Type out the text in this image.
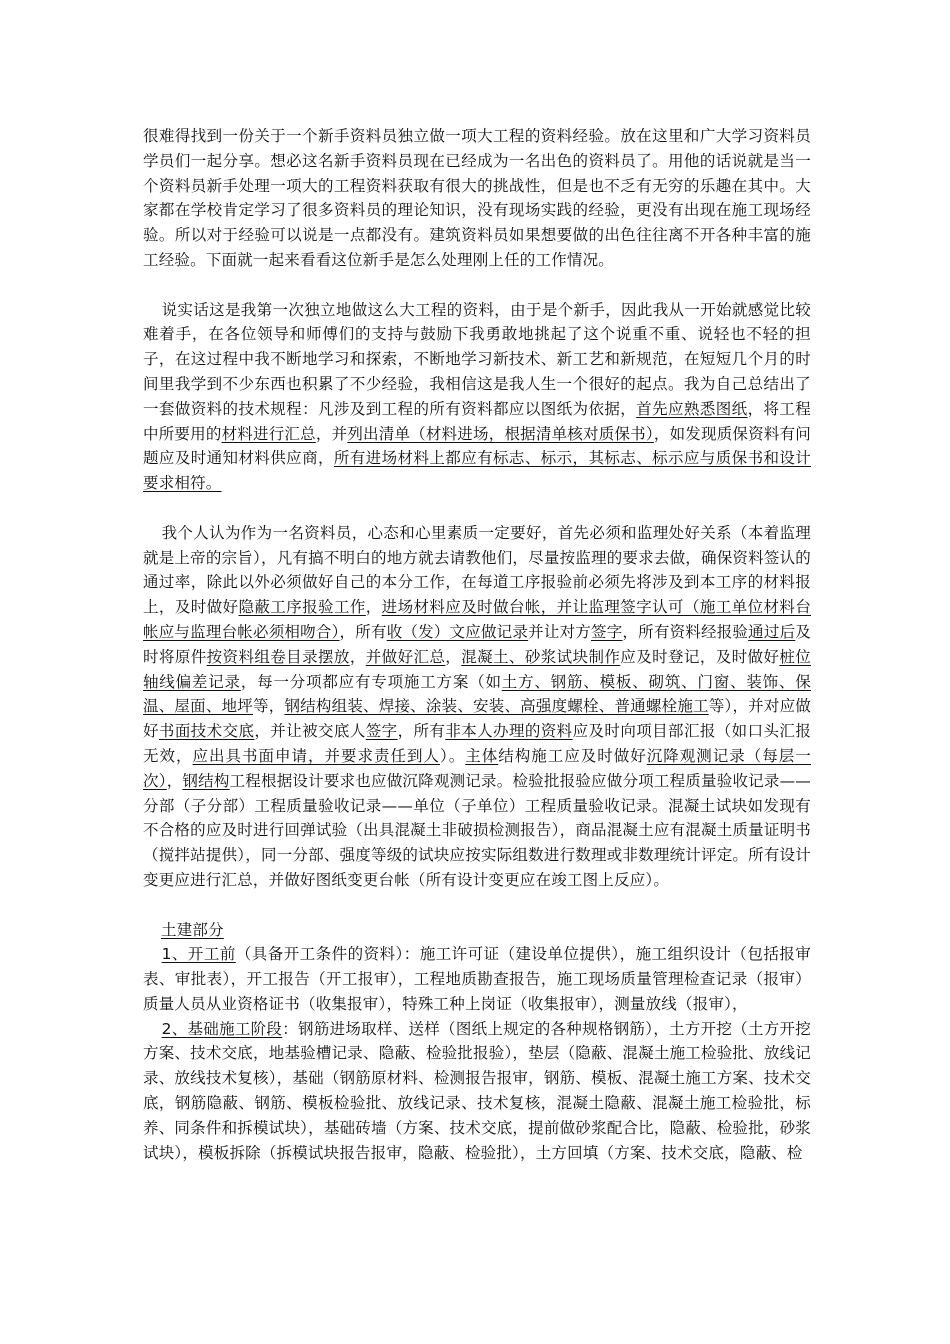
很难得找到一份关于一个新手资料员独立做一项大工程的资料经验。放在这里和广大学习资料员学员们一起分享。想必这名新手资料员现在已经成为一名出色的资料员了。用他的话说就是当一个资料员新手处理一项大的工程资料获取有很大的挑战性，但是也不乏有无穷的乐趣在其中。大家都在学校肯定学习了很多资料员的理论知识，没有现场实践的经验，更没有出现在施工现场经验。所以对于经验可以说是一点都没有。建筑资料员如果想要做的出色往往离不开各种丰富的施工经验。下面就一起来看看这位新手是怎么处理刚上任的工作情况。

说实话这是我第一次独立地做这么大工程的资料，由于是个新手，因此我从一开始就感觉比较难着手，在各位领导和师傅们的支持与鼓励下我勇敢地挑起了这个说重不重、说轻也不轻的担子，在这过程中我不断地学习和探索，不断地学习新技术、新工艺和新规范，在短短几个月的时间里我学到不少东西也积累了不少经验，我相信这是我人生一个很好的起点。我为自己总结出了一套做资料的技术规程：凡涉及到工程的所有资料都应以图纸为依据，首先应熟悉图纸，将工程中所要用的材料进行汇总，并列出清单（材料进场，根据清单核对质保书），如发现质保资料有问题应及时通知材料供应商，所有进场材料上都应有标志、标示，其标志、标示应与质保书和设计要求相符。

我个人认为作为一名资料员，心态和心里素质一定要好，首先必须和监理处好关系（本着监理就是上帝的宗旨），凡有搞不明白的地方就去请教他们，尽量按监理的要求去做，确保资料签认的通过率，除此以外必须做好自己的本分工作，在每道工序报验前必须先将涉及到本工序的材料报上，及时做好隐蔽工序报验工作，进场材料应及时做台帐，并让监理签字认可（施工单位材料台帐应与监理台帐必须相吻合），所有收（发）文应做记录并让对方签字，所有资料经报验通过后及时将原件按资料组卷目录摆放，并做好汇总，混凝土、砂浆试块制作应及时登记，及时做好桩位轴线偏差记录，每一分项都应有专项施工方案（如土方、钢筋、模板、砌筑、门窗、装饰、保温、屋面、地坪等，钢结构组装、焊接、涂装、安装、高强度螺栓、普通螺栓施工等），并对应做好书面技术交底，并让被交底人签字，所有非本人办理的资料应及时向项目部汇报（如口头汇报无效，应出具书面申请，并要求责任到人）。主体结构施工应及时做好沉降观测记录（每层一次），钢结构工程根据设计要求也应做沉降观测记录。检验批报验应做分项工程质量验收记录——分部（子分部）工程质量验收记录——单位（子单位）工程质量验收记录。混凝土试块如发现有不合格的应及时进行回弹试验（出具混凝土非破损检测报告），商品混凝土应有混凝土质量证明书（搅拌站提供），同一分部、强度等级的试块应按实际组数进行数理或非数理统计评定。所有设计变更应进行汇总，并做好图纸变更台帐（所有设计变更应在竣工图上反应）。

土建部分

1、开工前（具备开工条件的资料）：施工许可证（建设单位提供），施工组织设计（包括报审表、审批表），开工报告（开工报审），工程地质勘查报告，施工现场质量管理检查记录（报审）质量人员从业资格证书（收集报审），特殊工种上岗证（收集报审），测量放线（报审），

2、基础施工阶段：钢筋进场取样、送样（图纸上规定的各种规格钢筋），土方开挖（土方开挖方案、技术交底，地基验槽记录、隐蔽、检验批报验），垫层（隐蔽、混凝土施工检验批、放线记录、放线技术复核），基础（钢筋原材料、检测报告报审，钢筋、模板、混凝土施工方案、技术交底，钢筋隐蔽、钢筋、模板检验批、放线记录、技术复核，混凝土隐蔽、混凝土施工检验批，标养、同条件和拆模试块），基础砖墙（方案、技术交底，提前做砂浆配合比，隐蔽、检验批，砂浆试块），模板拆除（拆模试块报告报审，隐蔽、检验批），土方回填（方案、技术交底，隐蔽、检
